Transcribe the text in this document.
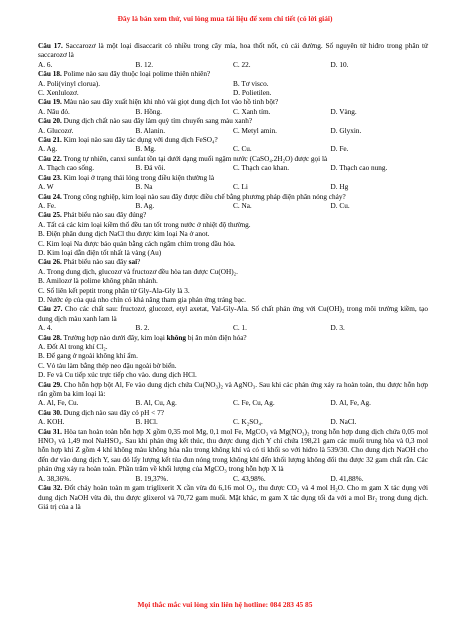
Đây là bản xem thử, vui lòng mua tài liệu để xem chi tiết (có lời giải)

Câu 17. Saccarozơ là một loại đisaccarit có nhiều trong cây mía, hoa thốt nốt, củ cải đường. Số nguyên tử hiđro trong phân tử saccarozơ là

A. 6.	B. 12.	C. 22.	D. 10.

Câu 18. Polime nào sau đây thuộc loại polime thiên nhiên?

A. Poli(vinyl clorua).	B. Tơ visco.
C. Xenlulozơ.	D. Polietilen.

Câu 19. Màu nào sau đây xuất hiện khi nhỏ vài giọt dung dịch Iot vào hồ tinh bột?

A. Nâu đỏ.	B. Hồng.	C. Xanh tím.	D. Vàng.

Câu 20. Dung dịch chất nào sau đây làm quỳ tím chuyển sang màu xanh?

A. Glucozơ.	B. Alanin.	C. Metyl amin.	D. Glyxin.

Câu 21. Kim loại nào sau đây tác dụng với dung dịch FeSO₄?

A. Ag.	B. Mg.	C. Cu.	D. Fe.

Câu 22. Trong tự nhiên, canxi sunfat tồn tại dưới dạng muối ngậm nước (CaSO₄.2H₂O) được gọi là

A. Thạch cao sống.	B. Đá vôi.	C. Thạch cao khan.	D. Thạch cao nung.

Câu 23. Kim loại ở trạng thái lỏng trong điều kiện thường là

A. W	B. Na	C. Li	D. Hg

Câu 24. Trong công nghiệp, kim loại nào sau đây được điều chế bằng phương pháp điện phân nóng chảy?

A. Fe.	B. Ag.	C. Na.	D. Cu.

Câu 25. Phát biểu nào sau đây đúng?

A. Tất cả các kim loại kiềm thổ đều tan tốt trong nước ở nhiệt độ thường.

B. Điện phân dung dịch NaCl thu được kim loại Na ở anot.

C. Kim loại Na được bảo quản bằng cách ngâm chìm trong dầu hỏa.

D. Kim loại dẫn điện tốt nhất là vàng (Au)

Câu 26. Phát biểu nào sau đây sai?

A. Trong dung dịch, glucozơ và fructozơ đều hòa tan được Cu(OH)₂.

B. Amilozơ là polime không phân nhánh.

C. Số liên kết peptit trong phân tử Gly-Ala-Gly là 3.

D. Nước ép của quả nho chín có khả năng tham gia phản ứng tráng bạc.

Câu 27. Cho các chất sau: fructozơ, glucozơ, etyl axetat, Val-Gly-Ala. Số chất phản ứng với Cu(OH)₂ trong môi trường kiềm, tạo dung dịch màu xanh lam là

A. 4.	B. 2.	C. 1.	D. 3.

Câu 28. Trường hợp nào dưới đây, kim loại không bị ăn mòn điện hóa?

A. Đốt Al trong khí Cl₂.

B. Để gang ở ngoài không khí ẩm.

C. Vỏ tàu làm bằng thép neo đậu ngoài bờ biển.

D. Fe và Cu tiếp xúc trực tiếp cho vào. dung dịch HCl.

Câu 29. Cho hỗn hợp bột Al, Fe vào dung dịch chứa Cu(NO₃)₂ và AgNO₃. Sau khi các phản ứng xảy ra hoàn toàn, thu được hỗn hợp rắn gồm ba kim loại là:

A. Al, Fe, Cu.	B. Al, Cu, Ag.	C. Fe, Cu, Ag.	D. Al, Fe, Ag.

Câu 30. Dung dịch nào sau đây có pH < 7?

A. KOH.	B. HCl.	C. K₂SO₄.	D. NaCl.

Câu 31. Hòa tan hoàn toàn hỗn hợp X gồm 0,35 mol Mg, 0,1 mol Fe, MgCO₃ và Mg(NO₃)₂ trong hỗn hợp dung dịch chứa 0,05 mol HNO₃ và 1,49 mol NaHSO₄. Sau khi phản ứng kết thúc, thu được dung dịch Y chỉ chứa 198,21 gam các muối trung hòa và 0,3 mol hỗn hợp khí Z gồm 4 khí không màu không hóa nâu trong không khí và có tỉ khối so với hiđro là 539/30. Cho dung dịch NaOH cho đến dư vào dung dịch Y, sau đó lấy lượng kết tủa đun nóng trong không khí đến khối lượng không đổi thu được 32 gam chất rắn. Các phản ứng xảy ra hoàn toàn. Phần trăm về khối lượng của MgCO₃ trong hỗn hợp X là

A. 38,36%.	B. 19,37%.	C. 43,98%.	D. 41,88%.

Câu 32. Đốt cháy hoàn toàn m gam triglixerit X cần vừa đủ 6,16 mol O₂, thu được CO₂ và 4 mol H₂O. Cho m gam X tác dụng với dung dịch NaOH vừa đủ, thu được glixerol và 70,72 gam muối. Mặt khác, m gam X tác dụng tối đa với a mol Br₂ trong dung dịch. Giá trị của a là

Mọi thắc mắc vui lòng xin liên hệ hotline: 084 283 45 85
